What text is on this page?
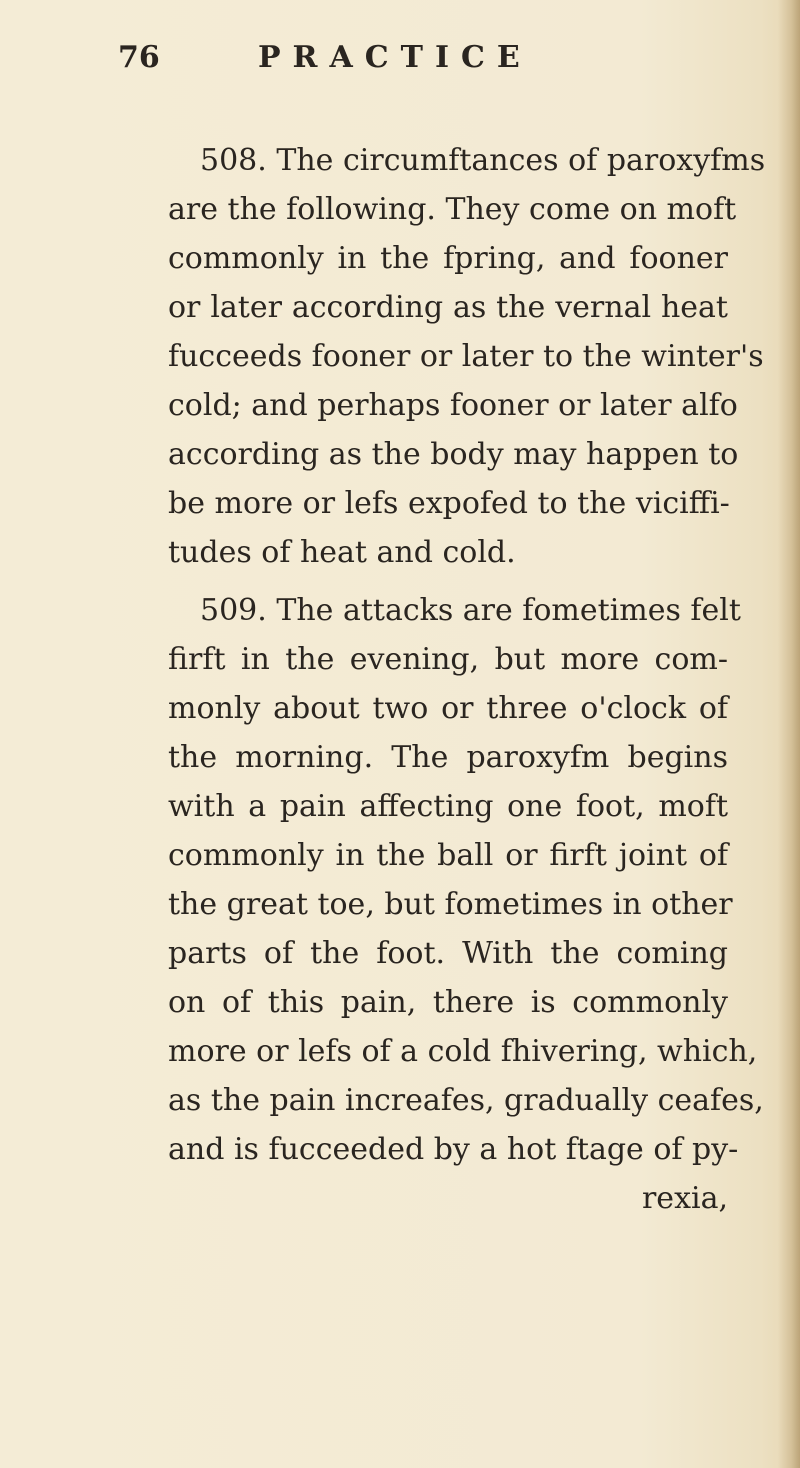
76	PRACTICE
508. The circumftances of paroxyfms
are the following. They come on moft
commonly in the fpring, and fooner
or later according as the vernal heat
fucceeds fooner or later to the winter's
cold; and perhaps fooner or later alfo
according as the body may happen to
be more or lefs expofed to the viciffi-
tudes of heat and cold.
509. The attacks are fometimes felt
firft in the evening, but more com-
monly about two or three o'clock of
the morning. The paroxyfm begins
with a pain affecting one foot, moft
commonly in the ball or firft joint of
the great toe, but fometimes in other
parts of the foot. With the coming
on of this pain, there is commonly
more or lefs of a cold fhivering, which,
as the pain increafes, gradually ceafes,
and is fucceeded by a hot ftage of py-
rexia,
